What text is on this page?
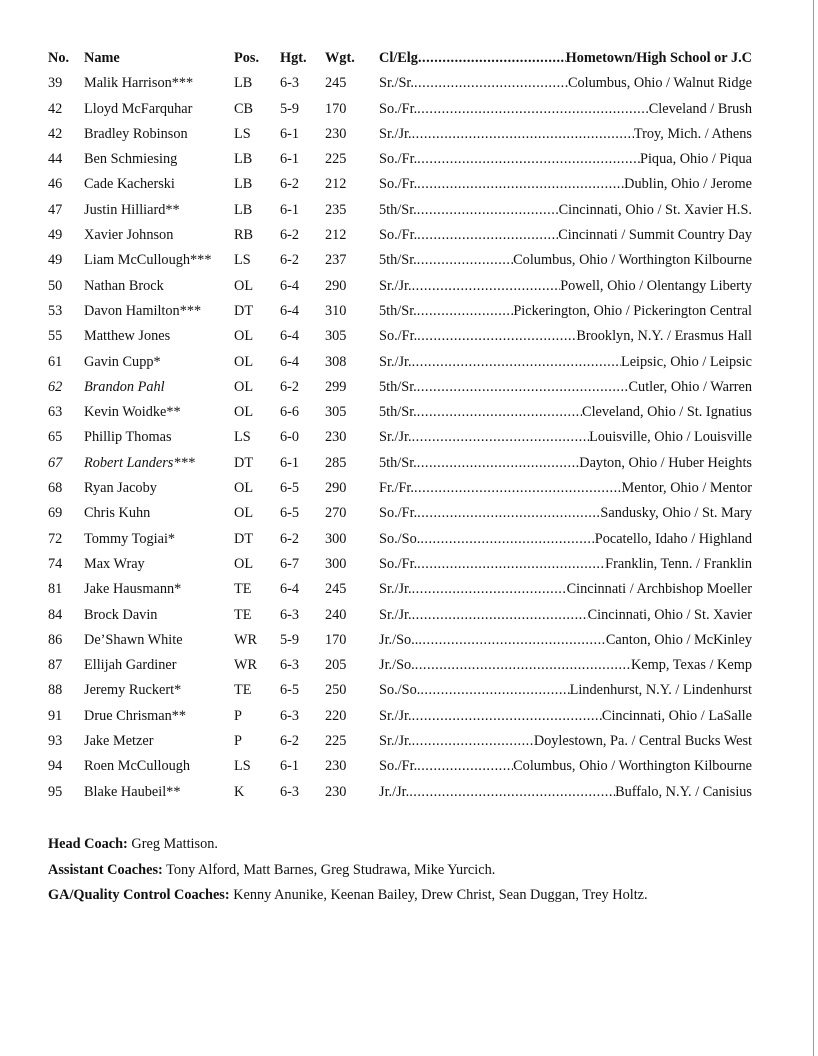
No. Name	Pos. Hgt. Wgt. Cl/Elg .....	Hometown/High School or J.C
39 Malik Harrison***	LB 6-3 245 Sr./Sr. .....	Columbus, Ohio / Walnut Ridge
42 Lloyd McFarquhar	CB 5-9 170 So./Fr. .....	Cleveland / Brush
42 Bradley Robinson	LS 6-1 230 Sr./Jr. .....	Troy, Mich. / Athens
44 Ben Schmiesing	LB 6-1 225 So./Fr. .....	Piqua, Ohio / Piqua
46 Cade Kacherski	LB 6-2 212 So./Fr. .....	Dublin, Ohio / Jerome
47 Justin Hilliard**	LB 6-1 235 5th/Sr. .....	Cincinnati, Ohio / St. Xavier H.S.
49 Xavier Johnson	RB 6-2 212 So./Fr. .....	Cincinnati / Summit Country Day
49 Liam McCullough*** LS 6-2 237 5th/Sr. .....	Columbus, Ohio / Worthington Kilbourne
50 Nathan Brock	OL 6-4 290 Sr./Jr. .....	Powell, Ohio / Olentangy Liberty
53 Davon Hamilton*** DT 6-4 310 5th/Sr. .....	Pickerington, Ohio / Pickerington Central
55 Matthew Jones	OL 6-4 305 So./Fr. .....	Brooklyn, N.Y. / Erasmus Hall
61 Gavin Cupp*	OL 6-4 308 Sr./Jr. .....	Leipsic, Ohio / Leipsic
62 Brandon Pahl	OL 6-2 299 5th/Sr. .....	Cutler, Ohio / Warren
63 Kevin Woidke**	OL 6-6 305 5th/Sr. .....	Cleveland, Ohio / St. Ignatius
65 Phillip Thomas	LS 6-0 230 Sr./Jr. .....	Louisville, Ohio / Louisville
67 Robert Landers***	DT 6-1 285 5th/Sr. .....	Dayton, Ohio / Huber Heights
68 Ryan Jacoby	OL 6-5 290 Fr./Fr. .....	Mentor, Ohio / Mentor
69 Chris Kuhn	OL 6-5 270 So./Fr. .....	Sandusky, Ohio / St. Mary
72 Tommy Togiai*	DT 6-2 300 So./So. .....	Pocatello, Idaho / Highland
74 Max Wray	OL 6-7 300 So./Fr. .....	Franklin, Tenn. / Franklin
81 Jake Hausmann*	TE 6-4 245 Sr./Jr. .....	Cincinnati / Archbishop Moeller
84 Brock Davin	TE 6-3 240 Sr./Jr. .....	Cincinnati, Ohio / St. Xavier
86 De’Shawn White	WR 5-9 170 Jr./So.. .....	Canton, Ohio / McKinley
87 Ellijah Gardiner	WR 6-3 205 Jr./So. .....	Kemp, Texas / Kemp
88 Jeremy Ruckert*	TE 6-5 250 So./So. .....	Lindenhurst, N.Y. / Lindenhurst
91 Drue Chrisman**	P	6-3 220 Sr./Jr. .....	Cincinnati, Ohio / LaSalle
93 Jake Metzer	P	6-2 225 Sr./Jr. .....	Doylestown, Pa. / Central Bucks West
94 Roen McCullough	LS 6-1 230 So./Fr. .....	Columbus, Ohio / Worthington Kilbourne
95 Blake Haubeil**	K 6-3 230 Jr./Jr. .....	Buffalo, N.Y. / Canisius
Head Coach: Greg Mattison.
Assistant Coaches: Tony Alford, Matt Barnes, Greg Studrawa, Mike Yurcich.
GA/Quality Control Coaches: Kenny Anunike, Keenan Bailey, Drew Christ, Sean Duggan, Trey Holtz.
